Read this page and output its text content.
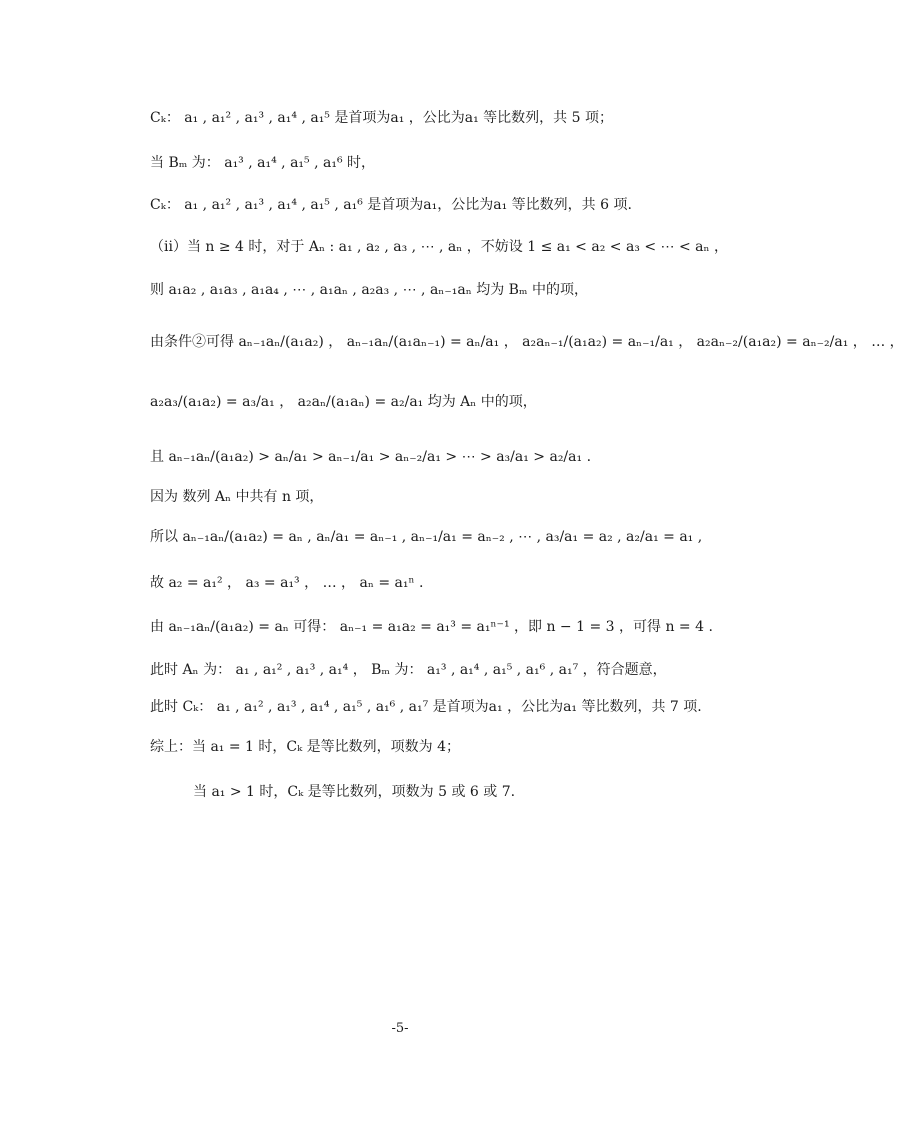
Cₖ： a₁ , a₁² , a₁³ , a₁⁴ , a₁⁵ 是首项为a₁ ，公比为a₁ 等比数列，共 5 项；
当 Bₘ 为： a₁³ , a₁⁴ , a₁⁵ , a₁⁶ 时，
Cₖ： a₁ , a₁² , a₁³ , a₁⁴ , a₁⁵ , a₁⁶ 是首项为a₁，公比为a₁ 等比数列，共 6 项.
（ii）当 n ≥ 4 时，对于 Aₙ : a₁ , a₂ , a₃ , ⋯ , aₙ ，不妨设 1 ≤ a₁ < a₂ < a₃ < ⋯ < aₙ ，
则 a₁a₂ , a₁a₃ , a₁a₄ , ⋯ , a₁aₙ , a₂a₃ , ⋯ , aₙ₋₁aₙ 均为 Bₘ 中的项，
由条件②可得 aₙ₋₁aₙ/(a₁a₂) ， aₙ₋₁aₙ/(a₁aₙ₋₁) = aₙ/a₁ ， a₂aₙ₋₁/(a₁a₂) = aₙ₋₁/a₁ ， a₂aₙ₋₂/(a₁a₂) = aₙ₋₂/a₁ ， … ，
a₂a₃/(a₁a₂) = a₃/a₁ ， a₂aₙ/(a₁aₙ) = a₂/a₁ 均为 Aₙ 中的项，
且 aₙ₋₁aₙ/(a₁a₂) > aₙ/a₁ > aₙ₋₁/a₁ > aₙ₋₂/a₁ > ⋯ > a₃/a₁ > a₂/a₁ .
因为 数列 Aₙ 中共有 n 项，
所以 aₙ₋₁aₙ/(a₁a₂) = aₙ , aₙ/a₁ = aₙ₋₁ , aₙ₋₁/a₁ = aₙ₋₂ , ⋯ , a₃/a₁ = a₂ , a₂/a₁ = a₁ ,
故 a₂ = a₁² ， a₃ = a₁³ ， … ， aₙ = a₁ⁿ .
由 aₙ₋₁aₙ/(a₁a₂) = aₙ 可得： aₙ₋₁ = a₁a₂ = a₁³ = a₁ⁿ⁻¹ ，即 n − 1 = 3 ，可得 n = 4 .
此时 Aₙ 为： a₁ , a₁² , a₁³ , a₁⁴ ， Bₘ 为： a₁³ , a₁⁴ , a₁⁵ , a₁⁶ , a₁⁷ ，符合题意，
此时 Cₖ： a₁ , a₁² , a₁³ , a₁⁴ , a₁⁵ , a₁⁶ , a₁⁷ 是首项为a₁ ，公比为a₁ 等比数列，共 7 项.
综上：当 a₁ = 1 时，Cₖ 是等比数列，项数为 4；
当 a₁ > 1 时，Cₖ 是等比数列，项数为 5 或 6 或 7.
-5-
